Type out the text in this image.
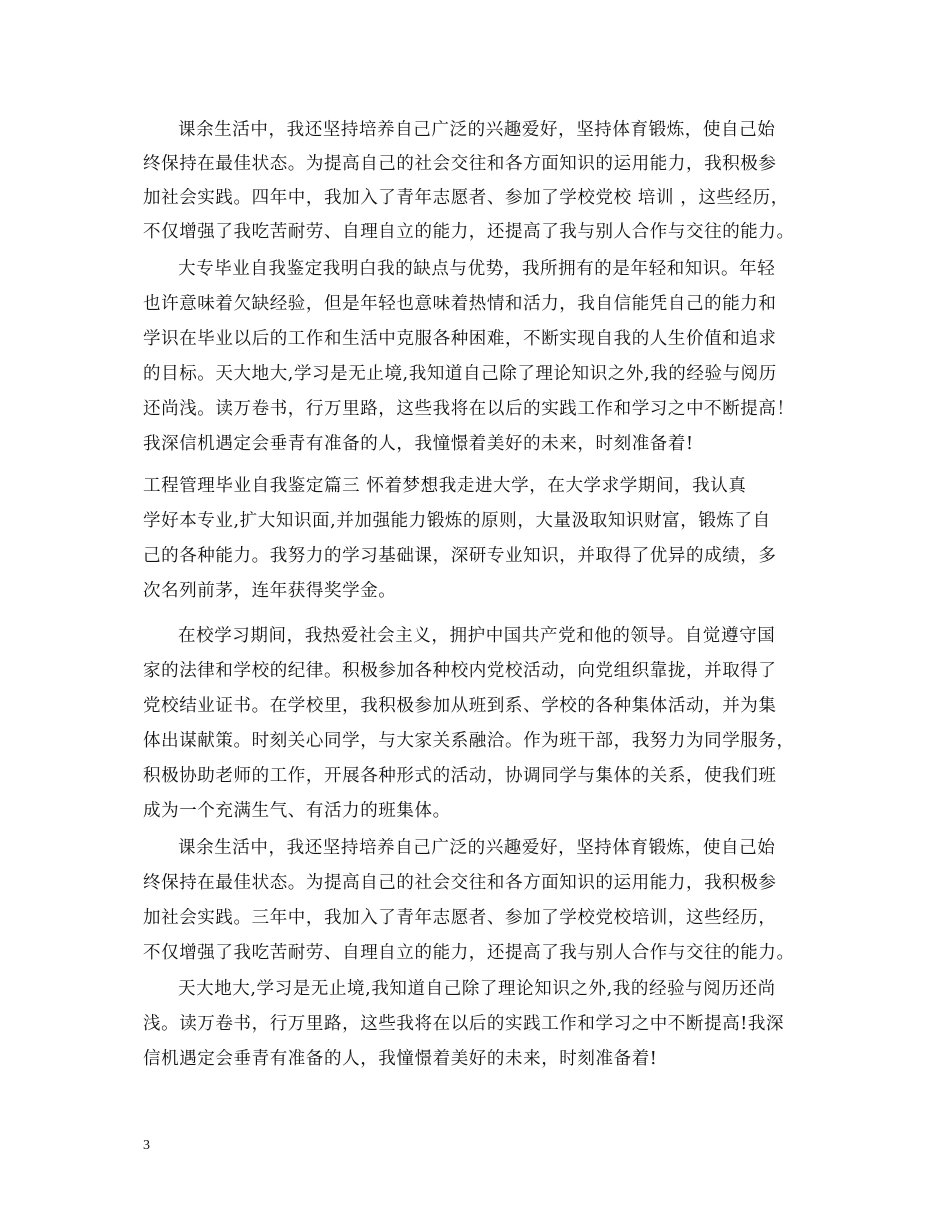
课余生活中，我还坚持培养自己广泛的兴趣爱好，坚持体育锻炼，使自己始
终保持在最佳状态。为提高自己的社会交往和各方面知识的运用能力，我积极参
加社会实践。四年中，我加入了青年志愿者、参加了学校党校 培训 ，这些经历，
不仅增强了我吃苦耐劳、自理自立的能力，还提高了我与别人合作与交往的能力。
大专毕业自我鉴定我明白我的缺点与优势，我所拥有的是年轻和知识。年轻
也许意味着欠缺经验，但是年轻也意味着热情和活力，我自信能凭自己的能力和
学识在毕业以后的工作和生活中克服各种困难，不断实现自我的人生价值和追求
的目标。天大地大,学习是无止境,我知道自己除了理论知识之外,我的经验与阅历
还尚浅。读万卷书，行万里路，这些我将在以后的实践工作和学习之中不断提高！
我深信机遇定会垂青有准备的人，我憧憬着美好的未来，时刻准备着!
工程管理毕业自我鉴定篇三 怀着梦想我走进大学，在大学求学期间，我认真
学好本专业,扩大知识面,并加强能力锻炼的原则，大量汲取知识财富，锻炼了自
己的各种能力。我努力的学习基础课，深研专业知识，并取得了优异的成绩，多
次名列前茅，连年获得奖学金。
在校学习期间，我热爱社会主义，拥护中国共产党和他的领导。自觉遵守国
家的法律和学校的纪律。积极参加各种校内党校活动，向党组织靠拢，并取得了
党校结业证书。在学校里，我积极参加从班到系、学校的各种集体活动，并为集
体出谋献策。时刻关心同学，与大家关系融洽。作为班干部，我努力为同学服务，
积极协助老师的工作，开展各种形式的活动，协调同学与集体的关系，使我们班
成为一个充满生气、有活力的班集体。
课余生活中，我还坚持培养自己广泛的兴趣爱好，坚持体育锻炼，使自己始
终保持在最佳状态。为提高自己的社会交往和各方面知识的运用能力，我积极参
加社会实践。三年中，我加入了青年志愿者、参加了学校党校培训，这些经历，
不仅增强了我吃苦耐劳、自理自立的能力，还提高了我与别人合作与交往的能力。
天大地大,学习是无止境,我知道自己除了理论知识之外,我的经验与阅历还尚
浅。读万卷书，行万里路，这些我将在以后的实践工作和学习之中不断提高!我深
信机遇定会垂青有准备的人，我憧憬着美好的未来，时刻准备着!
3
